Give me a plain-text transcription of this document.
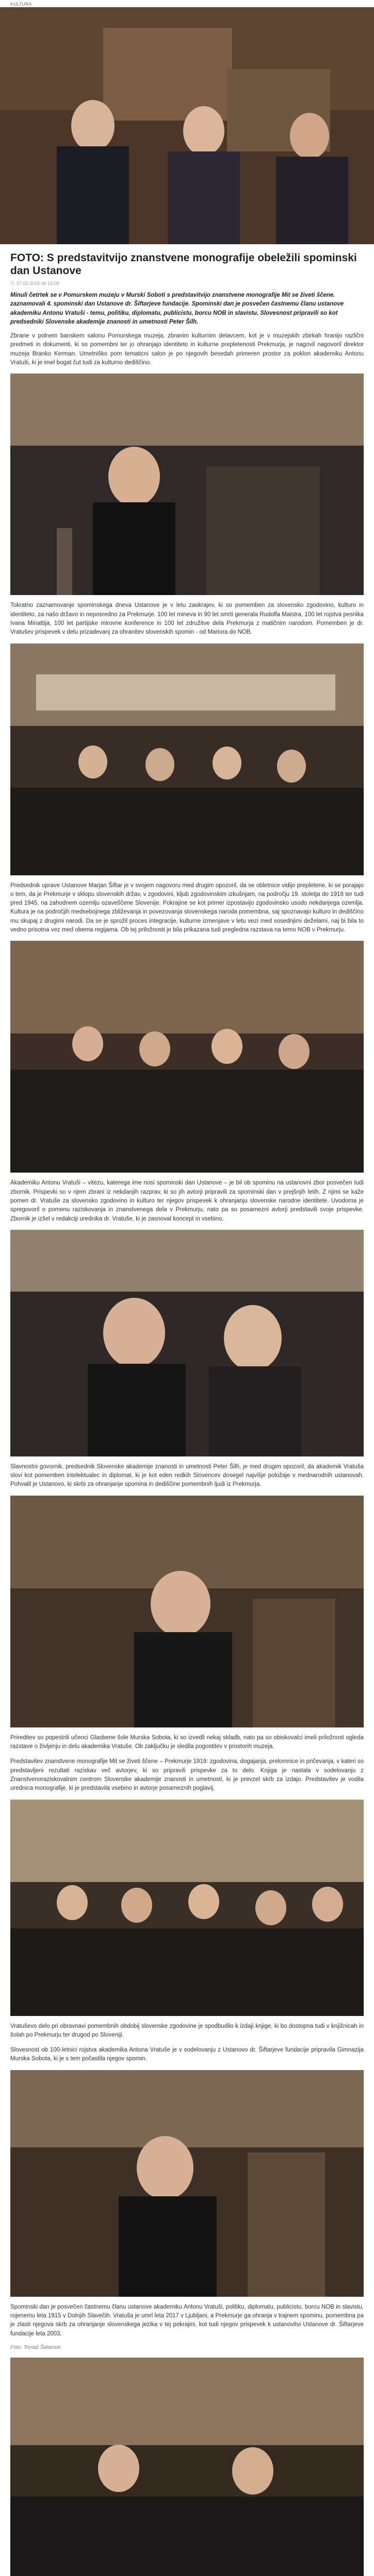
KULTURA
FOTO: S predstavitvijo znanstvene monografije obeležili spominski dan Ustanove
◷ 27.02.2018 ob 13:08

Minuli četrtek se v Pomurskem muzeju v Murski Soboti s predstavitvijo znanstvene monografije Mit se živeti ščene. zaznamovali 4. spominski dan Ustanove dr. Šiftarjeve fundacije. Spominski dan je posvečen častnemu članu ustanove akademiku Antonu Vratuši - temu, politiku, diplomatu, publicistu, borcu NOB in slavistu. Slovesnost pripravili so kot predsedniki Slovenske akademije znanosti in umetnosti Peter Šilh.

Zbrane v polnem banskem salonu Pomurskega muzeja, zbranim kulturnim delavcem, kot je v muzejskih zbirkah hranijo različni predmeti in dokumenti, ki so pomembni ter jo ohranjajo identiteto in kulturne prepletenosti Prekmurja, je nagovil nagovoril direktor muzeja Branko Kerman. Umetniško pom tematicni salon je po njegovih besedah primeren prostor za poklon akademiku Antonu Vratuši, ki je imel bogat čut tudi za kulturno dediščino.

Tokratno zaznamovanje spominskega dneva Ustanove je v letu zaokrajev, ki so pomemben za slovensko zgodovino, kulturo in identiteto, za našo državo in neposredno za Prekmurje. 100 let mineva in 90 let smrti generala Rudolfa Maistra, 100 let rojstva pesnika Ivana Minattija, 100 let partijske mirovne konference in 100 let združitve dela Prekmurja z matičnim narodom. Pomemben je dr. Vratušev prispevek v delu prizadevanj za ohranitev slovenskih spomin - od Mariora do NOB.

Predsednik uprave Ustanove Marjan Šiftar je v svojem nagovoru med drugim opozoril, da se obletnice vidijo prepletene, ki se porajajo o tem, da je Prekmurje v sklopu slovenskih držav, v zgodovini, kljub zgodovinskim izkušnjam, na področju 19. stoletja do 1918 ter tudi pred 1945, na zahodnem ozemlju ozaveščene Slovenije. Pokrajine se kot primer izpostavijo zgodovinsko usodo nekdanjega ozemlja. Kultura je na področjih medsebojnega zbliževanja in povezovanja slovenskega naroda pomembna, saj spoznavajo kulturo in dediščino mu skupaj z drugimi narodi. Da se je sprožil proces integracije, kulturne izmenjave v letu vezi med sosednjimi deželami, naj bi bila to vedno prisotna vez med obema regijama. Ob tej priložnosti je bila prikazana tudi pregledna razstava na temo NOB v Prekmurju.

Akademiku Antonu Vratuši – vitezu, katerega ime nosi spominski dan Ustanove – je bil ob spominu na ustanovni zbor posvečen tudi zbornik. Prispevki so v njem zbrani iz nekdanjih razprav, ki so jih avtorji pripravili za spominski dan v prejšnjih letih. Z njimi se kaže pomen dr. Vratuše za slovensko zgodovino in kulturo ter njegov prispevek k ohranjanju slovenske narodne identitete. Uvodoma je spregovoril o pomenu raziskovanja in znanstvenega dela v Prekmurju, nato pa so posamezni avtorji predstavili svoje prispevke. Zbornik je izšel v redakciji urednika dr. Vratuše, ki je zasnoval koncept in vsebino.

Slavnostni govornik, predsednik Slovenske akademije znanosti in umetnosti Peter Šilh, je med drugim opozoril, da akademik Vratuša slovi kot pomemben intelektualec in diplomat, ki je kot eden redkih Slovencev dosegel najvišje položaje v mednarodnih ustanovah. Pohvalil je Ustanovo, ki skrbi za ohranjanje spomina in dediščine pomembnih ljudi iz Prekmurja.

Prireditev so popestrili učenci Glasbene šole Murska Sobota, ki so izvedli nekaj skladb, nato pa so obiskovalci imeli priložnost ogleda razstave o življenju in delu akademika Vratuše. Ob zaključku je sledila pogostitev v prostorih muzeja.

Predstavitev znanstvene monografije Mit se živeti ščene – Prekmurje 1919: zgodovina, dogajanja, prelomnice in pričevanja, v kateri so predstavljeni rezultati raziskav več avtorjev, ki so pripravili prispevke za to delo. Knjiga je nastala v sodelovanju z Znanstvenoraziskovalnim centrom Slovenske akademije znanosti in umetnosti, ki je prevzel skrb za izdajo. Predstavitev je vodila urednica monografije, ki je predstavila vsebino in avtorje posameznih poglavij.

Vratuševo delo pri obravnavi pomembnih obdobij slovenske zgodovine je spodbudilo k izdaji knjige, ki bo dostopna tudi v knjižnicah in šolah po Prekmurju ter drugod po Sloveniji.

Slovesnost ob 100-letnici rojstva akademika Antona Vratuše je v sodelovanju z Ustanovo dr. Šiftarjeve fundacije pripravila Gimnazija Murska Sobota, ki je s tem počastila njegov spomin.

Spominski dan je posvečen častnemu članu ustanove akademiku Antonu Vratuši, politiku, diplomatu, publicistu, borcu NOB in slavistu, rojenemu leta 1915 v Dolnjih Slavečih. Vratuša je umrl leta 2017 v Ljubljani, a Prekmurje ga ohranja v trajnem spominu, pomembna pa je zlasti njegova skrb za ohranjanje slovenskega jezika v tej pokrajini, kot tudi njegov prispevek k ustanovitvi Ustanove dr. Šiftarjeve fundacije leta 2003.

Foto: Tomaž Šalamun
